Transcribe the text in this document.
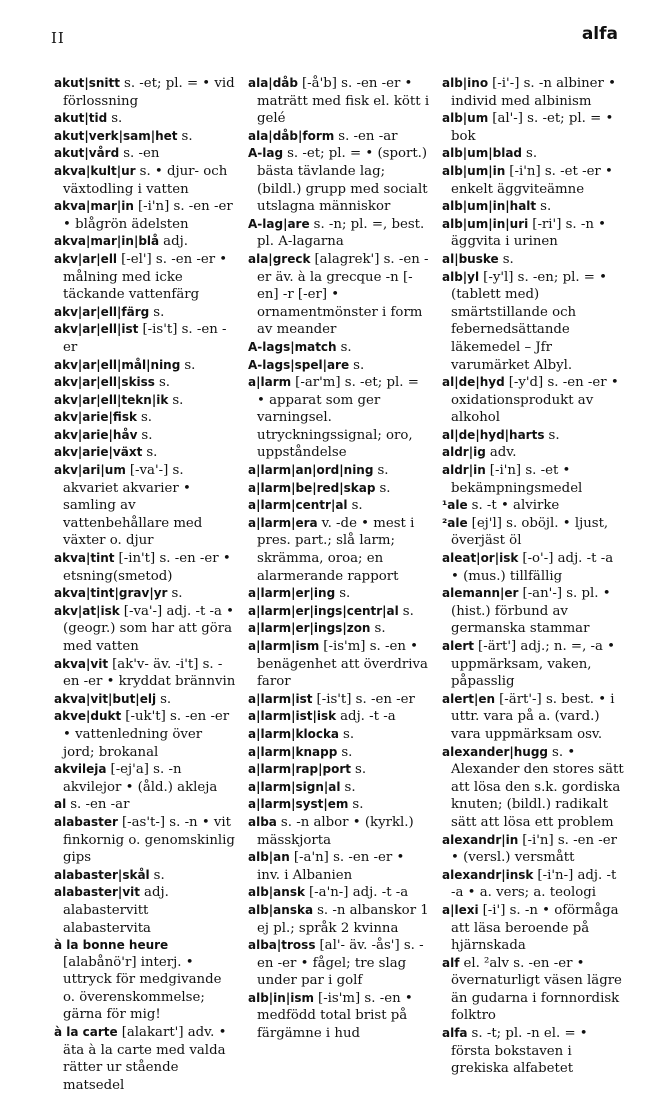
II	alfa

akut|snitt s. -et; pl. = • vid förlossning

akut|tid s.

akut|verk|sam|het s.

akut|vård s. -en

akva|kult|ur s. • djur- och växtodling i vatten

akva|mar|in [-i'n] s. -en -er • blågrön ädelsten

akva|mar|in|blå adj.

akv|ar|ell [-el'] s. -en -er • målning med icke täckande vattenfärg

akv|ar|ell|färg s.

akv|ar|ell|ist [-is't] s. -en -er

akv|ar|ell|mål|ning s.

akv|ar|ell|skiss s.

akv|ar|ell|tekn|ik s.

akv|arie|fisk s.

akv|arie|håv s.

akv|arie|växt s.

akv|ari|um [-va'-] s. akvariet akvarier • samling av vattenbehållare med växter o. djur

akva|tint [-in't] s. -en -er • etsning(smetod)

akva|tint|grav|yr s.

akv|at|isk [-va'-] adj. -t -a • (geogr.) som har att göra med vatten

akva|vit [ak'v- äv. -i't] s. -en -er • kryddat brännvin

akva|vit|but|elj s.

akve|dukt [-uk't] s. -en -er • vattenledning över jord; brokanal

akvileja [-ej'a] s. -n akvilejor • (åld.) akleja

al s. -en -ar

alabaster [-as't-] s. -n • vit finkornig o. genomskinlig gips

alabaster|skål s.

alabaster|vit adj. alabastervitt alabastervita

à la bonne heure [alabånö'r] interj. • uttryck för medgivande o. överenskommelse; gärna för mig!

à la carte [alakart'] adv. • äta à la carte med valda rätter ur stående matsedel

ala|dåb [-å'b] s. -en -er • maträtt med fisk el. kött i gelé

ala|dåb|form s. -en -ar

A-lag s. -et; pl. = • (sport.) bästa tävlande lag; (bildl.) grupp med socialt utslagna människor

A-lag|are s. -n; pl. =, best. pl. A-lagarna

ala|greck [alagrek'] s. -en -er äv. à la grecque -n [-en] -r [-er] • ornamentmönster i form av meander

A-lags|match s.

A-lags|spel|are s.

a|larm [-ar'm] s. -et; pl. = • apparat som ger varningsel. utryckningssignal; oro, uppståndelse

a|larm|an|ord|ning s.

a|larm|be|red|skap s.

a|larm|centr|al s.

a|larm|era v. -de • mest i pres. part.; slå larm; skrämma, oroa; en alarmerande rapport

a|larm|er|ing s.

a|larm|er|ings|centr|al s.

a|larm|er|ings|zon s.

a|larm|ism [-is'm] s. -en • benägenhet att överdriva faror

a|larm|ist [-is't] s. -en -er

a|larm|ist|isk adj. -t -a

a|larm|klocka s.

a|larm|knapp s.

a|larm|rap|port s.

a|larm|sign|al s.

a|larm|syst|em s.

alba s. -n albor • (kyrkl.) mässkjorta

alb|an [-a'n] s. -en -er • inv. i Albanien

alb|ansk [-a'n-] adj. -t -a

alb|anska s. -n albanskor 1 ej pl.; språk 2 kvinna

alba|tross [al'- äv. -ås'] s. -en -er • fågel; tre slag under par i golf

alb|in|ism [-is'm] s. -en • medfödd total brist på färgämne i hud

alb|ino [-i'-] s. -n albiner • individ med albinism

alb|um [al'-] s. -et; pl. = • bok

alb|um|blad s.

alb|um|in [-i'n] s. -et -er • enkelt äggviteämne

alb|um|in|halt s.

alb|um|in|uri [-ri'] s. -n • äggvita i urinen

al|buske s.

alb|yl [-y'l] s. -en; pl. = • (tablett med) smärtstillande och febernedsättande läkemedel – Jfr varumärket Albyl.

al|de|hyd [-y'd] s. -en -er • oxidationsprodukt av alkohol

al|de|hyd|harts s.

aldr|ig adv.

aldr|in [-i'n] s. -et • bekämpningsmedel

¹ale s. -t • alvirke

²ale [ej'l] s. oböjl. • ljust, överjäst öl

aleat|or|isk [-o'-] adj. -t -a • (mus.) tillfällig

alemann|er [-an'-] s. pl. • (hist.) förbund av germanska stammar

alert [-ärt'] adj.; n. =, -a • uppmärksam, vaken, påpasslig

alert|en [-ärt'-] s. best. • i uttr. vara på a. (vard.) vara uppmärksam osv.

alexander|hugg s. • Alexander den stores sätt att lösa den s.k. gordiska knuten; (bildl.) radikalt sätt att lösa ett problem

alexandr|in [-i'n] s. -en -er • (versl.) versmått

alexandr|insk [-i'n-] adj. -t -a • a. vers; a. teologi

a|lexi [-i'] s. -n • oförmåga att läsa beroende på hjärnskada

alf el. ²alv s. -en -er • övernaturligt väsen lägre än gudarna i fornnordisk folktro

alfa s. -t; pl. -n el. = • första bokstaven i grekiska alfabetet
